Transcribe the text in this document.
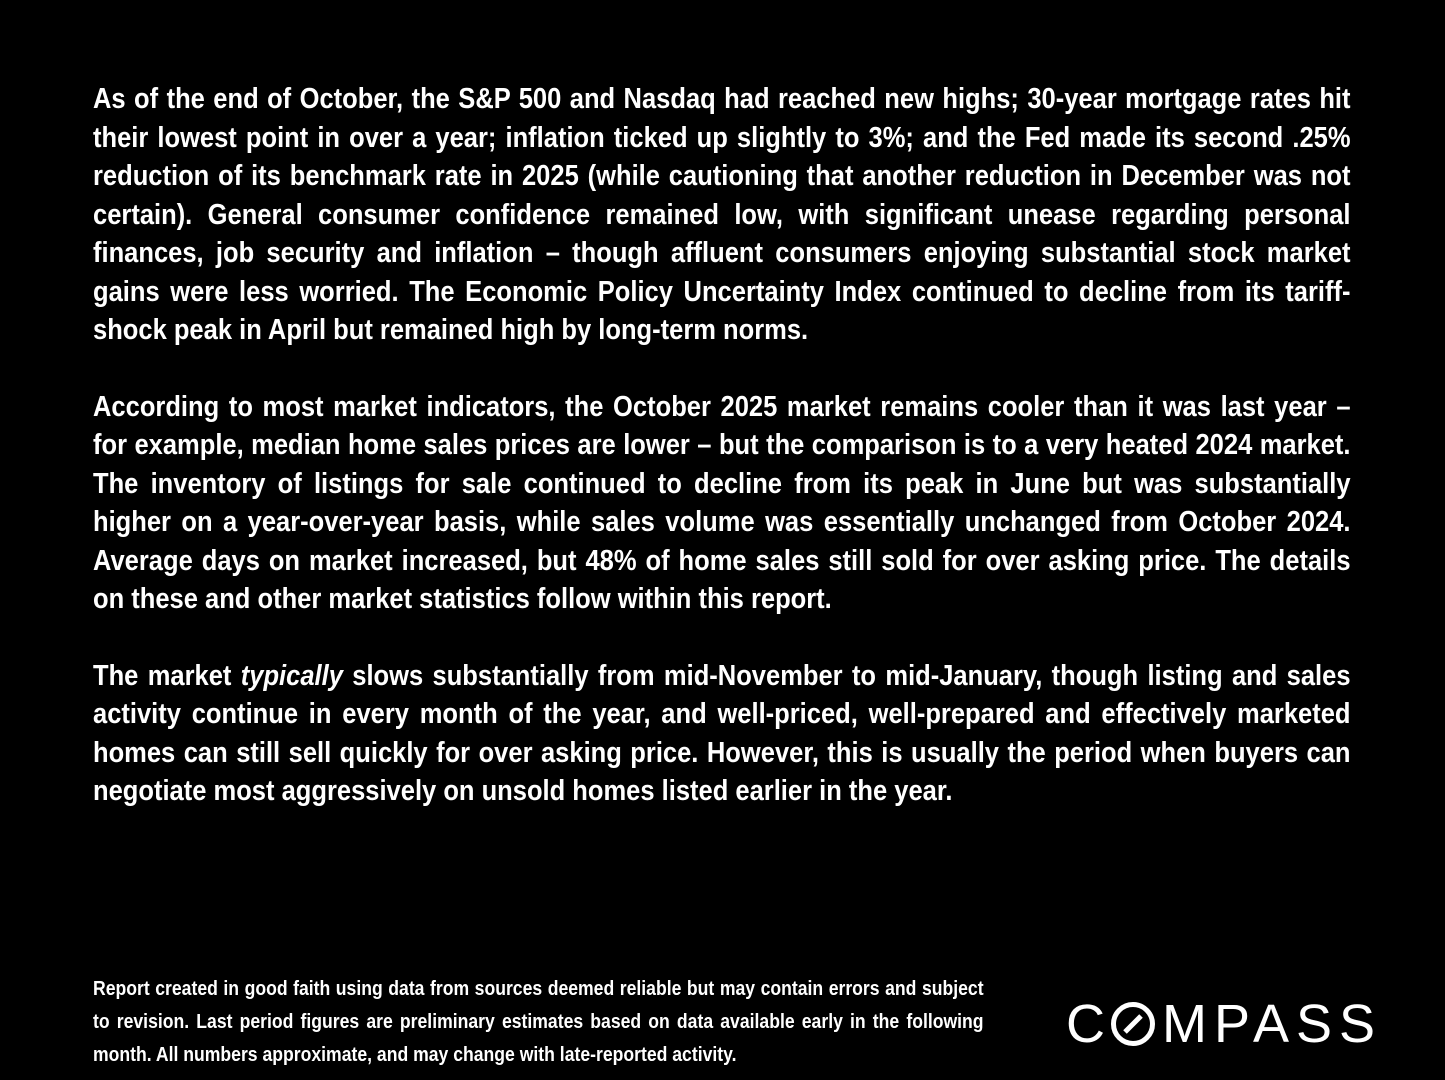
As of the end of October, the S&P 500 and Nasdaq had reached new highs; 30-year mortgage rates hit their lowest point in over a year; inflation ticked up slightly to 3%; and the Fed made its second .25% reduction of its benchmark rate in 2025 (while cautioning that another reduction in December was not certain). General consumer confidence remained low, with significant unease regarding personal finances, job security and inflation – though affluent consumers enjoying substantial stock market gains were less worried. The Economic Policy Uncertainty Index continued to decline from its tariff-shock peak in April but remained high by long-term norms.

According to most market indicators, the October 2025 market remains cooler than it was last year – for example, median home sales prices are lower – but the comparison is to a very heated 2024 market. The inventory of listings for sale continued to decline from its peak in June but was substantially higher on a year-over-year basis, while sales volume was essentially unchanged from October 2024. Average days on market increased, but 48% of home sales still sold for over asking price. The details on these and other market statistics follow within this report.

The market typically slows substantially from mid-November to mid-January, though listing and sales activity continue in every month of the year, and well-priced, well-prepared and effectively marketed homes can still sell quickly for over asking price. However, this is usually the period when buyers can negotiate most aggressively on unsold homes listed earlier in the year.

Report created in good faith using data from sources deemed reliable but may contain errors and subject to revision. Last period figures are preliminary estimates based on data available early in the following month. All numbers approximate, and may change with late-reported activity.
C MPASS
